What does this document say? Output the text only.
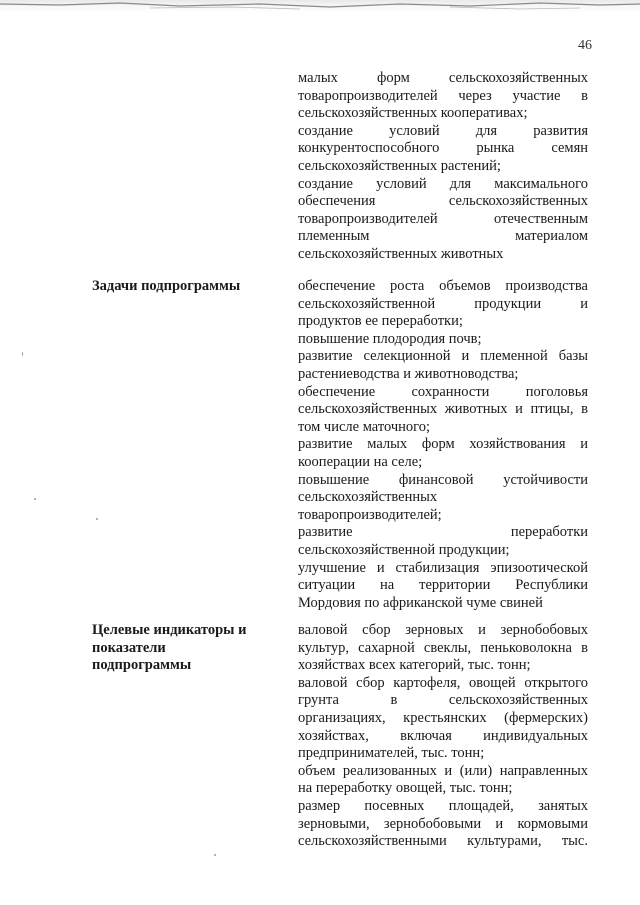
46
малых форм сельскохозяйственных
товаропроизводителей через участие в
сельскохозяйственных кооперативах;
создание условий для развития
конкурентоспособного рынка семян
сельскохозяйственных растений;
создание условий для максимального
обеспечения сельскохозяйственных
товаропроизводителей отечественным
племенным материалом
сельскохозяйственных животных
Задачи подпрограммы	обеспечение роста объемов производства
сельскохозяйственной продукции и
продуктов ее переработки;
повышение плодородия почв;
развитие селекционной и племенной базы
растениеводства и животноводства;
обеспечение сохранности поголовья
сельскохозяйственных животных и птицы, в
том числе маточного;
развитие малых форм хозяйствования и
кооперации на селе;
повышение финансовой устойчивости
сельскохозяйственных
товаропроизводителей;
развитие переработки
сельскохозяйственной продукции;
улучшение и стабилизация эпизоотической
ситуации на территории Республики
Мордовия по африканской чуме свиней
Целевые индикаторы и
показатели
подпрограммы
валовой сбор зерновых и зернобобовых
культур, сахарной свеклы, пеньковолокна в
хозяйствах всех категорий, тыс. тонн;
валовой сбор картофеля, овощей открытого
грунта в сельскохозяйственных
организациях, крестьянских (фермерских)
хозяйствах, включая индивидуальных
предпринимателей, тыс. тонн;
объем реализованных и (или) направленных
на переработку овощей, тыс. тонн;
размер посевных площадей, занятых
зерновыми, зернобобовыми и кормовыми
сельскохозяйственными культурами, тыс.
